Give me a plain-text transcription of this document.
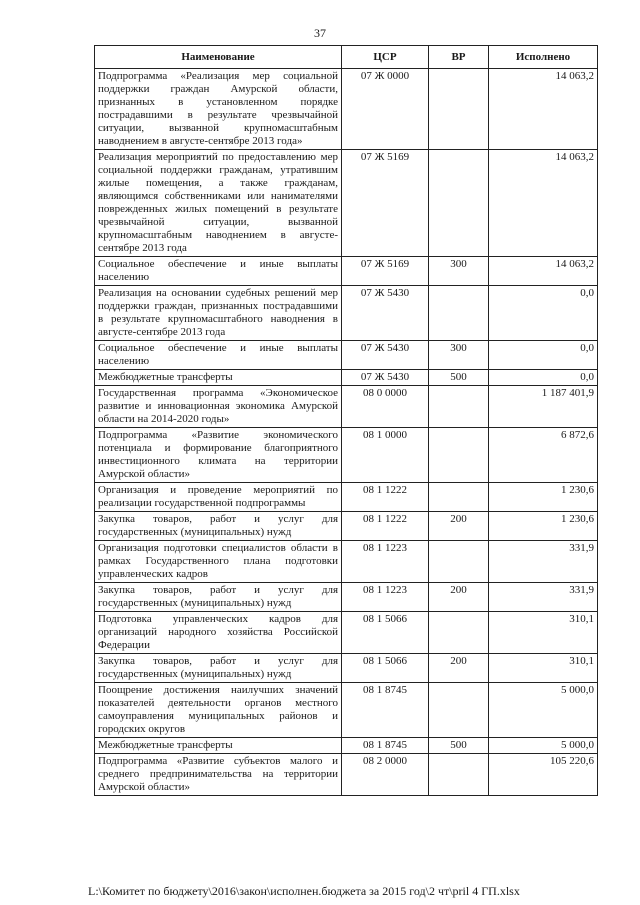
37
Наименование	ЦСР	ВР	Исполнено
Подпрограмма «Реализация мер социальной поддержки граждан Амурской области, признанных в установленном порядке пострадавшими в результате чрезвычайной ситуации, вызванной крупномасштабным наводнением в августе-сентябре 2013 года»	07 Ж 0000		14 063,2
Реализация мероприятий по предоставлению мер социальной поддержки гражданам, утратившим жилые помещения, а также гражданам, являющимся собственниками или нанимателями поврежденных жилых помещений в результате чрезвычайной ситуации, вызванной крупномасштабным наводнением в августе-сентябре 2013 года	07 Ж 5169		14 063,2
Социальное обеспечение и иные выплаты населению	07 Ж 5169	300	14 063,2
Реализация на основании судебных решений мер поддержки граждан, признанных пострадавшими в результате крупномасштабного наводнения в августе-сентябре 2013 года	07 Ж 5430		0,0
Социальное обеспечение и иные выплаты населению	07 Ж 5430	300	0,0
Межбюджетные трансферты	07 Ж 5430	500	0,0
Государственная программа «Экономическое развитие и инновационная экономика Амурской области на 2014-2020 годы»	08 0 0000		1 187 401,9
Подпрограмма «Развитие экономического потенциала и формирование благоприятного инвестиционного климата на территории Амурской области»	08 1 0000		6 872,6
Организация и проведение мероприятий по реализации государственной подпрограммы	08 1 1222		1 230,6
Закупка товаров, работ и услуг для государственных (муниципальных) нужд	08 1 1222	200	1 230,6
Организация подготовки специалистов области в рамках Государственного плана подготовки управленческих кадров	08 1 1223		331,9
Закупка товаров, работ и услуг для государственных (муниципальных) нужд	08 1 1223	200	331,9
Подготовка управленческих кадров для организаций народного хозяйства Российской Федерации	08 1 5066		310,1
Закупка товаров, работ и услуг для государственных (муниципальных) нужд	08 1 5066	200	310,1
Поощрение достижения наилучших значений показателей деятельности органов местного самоуправления муниципальных районов и городских округов	08 1 8745		5 000,0
Межбюджетные трансферты	08 1 8745	500	5 000,0
Подпрограмма «Развитие субъектов малого и среднего предпринимательства на территории Амурской области»	08 2 0000		105 220,6
L:\Комитет по бюджету\2016\закон\исполнен.бюджета за 2015 год\2 чт\pril 4 ГП.xlsx
